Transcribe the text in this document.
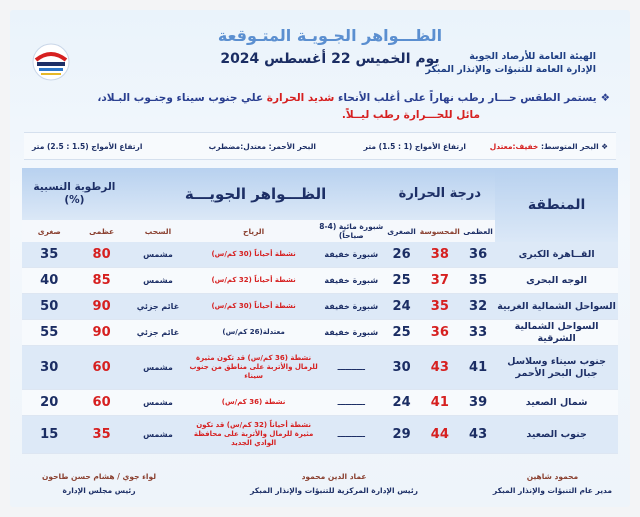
الهيئة العامة للأرصاد الجوية
الإدارة العامة للتنبؤات والإنذار المبكر
الظـــواهر الجـويـة المتـوقعة
يوم الخميس 22 أغسطس 2024
❖يستمر الطقس حـــار رطب نهاراً على أغلب الأنحاء شديد الحرارة علي جنوب سيناء وجنـوب البـلاد،
مائل للحـــرارة رطب ليــلاً.
❖ البحر المتوسط: خفيف:معتدل
ارتفاع الأمواج (1 : 1.5) متر
البحر الأحمر: معتدل:مضطرب
ارتفاع الأمواج (1.5 : 2.5) متر
المنطقة	درجة الحرارة			الظـــواهر الجويـــة			الرطوبة النسبية (%)	
	العظمى	المحسوسة	الصغرى	شبورة مائية (4-8 صباحاً)	الرياح	السحب	عظمى	صغرى
القــاهرة الكبرى	36	38	26	شبورة خفيفة	نشطة أحياناً (30 كم/س)	مشمس	80	35
الوجه البحرى	35	37	25	شبورة خفيفة	نشطة أحياناً (32 كم/س)	مشمس	85	40
السواحل الشمالية الغربية	32	35	24	شبورة خفيفة	نشطة أحياناً (30 كم/س)	غائم جزئي	90	50
السواحل الشمالية الشرقية	33	36	25	شبورة خفيفة	معتدلة(26 كم/س)	غائم جزئي	90	55
جنوب سيناء وسلاسل جبال البحر الأحمر	41	43	30	ــــــــــ	نشطة (36 كم/س) قد تكون مثيرة للرمال والأتربة على مناطق من جنوب سيناء	مشمس	60	30
شمال الصعيد	39	41	24	ــــــــــ	نشطة (36 كم/س)	مشمس	60	20
جنوب الصعيد	43	44	29	ــــــــــ	نشطة أحياناً (32 كم/س) قد تكون مثيرة للرمال والأتربة على محافظة الوادي الجديد	مشمس	35	15
محمود شاهين
مدير عام التنبؤات والإنذار المبكر
عماد الدين محمود
رئيس الإدارة المركزية للتنبؤات والإنذار المبكر
لواء جوي / هشام حسن طاحون
رئيس مجلس الإدارة
